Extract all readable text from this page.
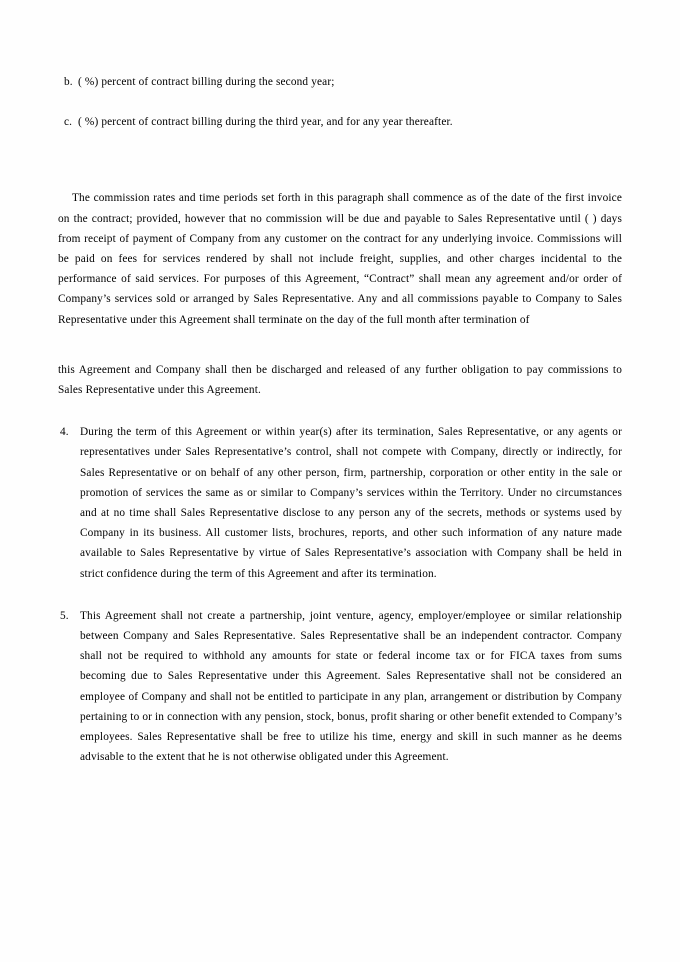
b. ( %) percent of contract billing during the second year;
c. ( %) percent of contract billing during the third year, and for any year thereafter.
The commission rates and time periods set forth in this paragraph shall commence as of the date of the first invoice on the contract; provided, however that no commission will be due and payable to Sales Representative until ( ) days from receipt of payment of Company from any customer on the contract for any underlying invoice. Commissions will be paid on fees for services rendered by shall not include freight, supplies, and other charges incidental to the performance of said services. For purposes of this Agreement, “Contract” shall mean any agreement and/or order of Company’s services sold or arranged by Sales Representative. Any and all commissions payable to Company to Sales Representative under this Agreement shall terminate on the day of the full month after termination of
this Agreement and Company shall then be discharged and released of any further obligation to pay commissions to Sales Representative under this Agreement.
4. During the term of this Agreement or within year(s) after its termination, Sales Representative, or any agents or representatives under Sales Representative’s control, shall not compete with Company, directly or indirectly, for Sales Representative or on behalf of any other person, firm, partnership, corporation or other entity in the sale or promotion of services the same as or similar to Company’s services within the Territory. Under no circumstances and at no time shall Sales Representative disclose to any person any of the secrets, methods or systems used by Company in its business. All customer lists, brochures, reports, and other such information of any nature made available to Sales Representative by virtue of Sales Representative’s association with Company shall be held in strict confidence during the term of this Agreement and after its termination.
5. This Agreement shall not create a partnership, joint venture, agency, employer/employee or similar relationship between Company and Sales Representative. Sales Representative shall be an independent contractor. Company shall not be required to withhold any amounts for state or federal income tax or for FICA taxes from sums becoming due to Sales Representative under this Agreement. Sales Representative shall not be considered an employee of Company and shall not be entitled to participate in any plan, arrangement or distribution by Company pertaining to or in connection with any pension, stock, bonus, profit sharing or other benefit extended to Company’s employees. Sales Representative shall be free to utilize his time, energy and skill in such manner as he deems advisable to the extent that he is not otherwise obligated under this Agreement.
